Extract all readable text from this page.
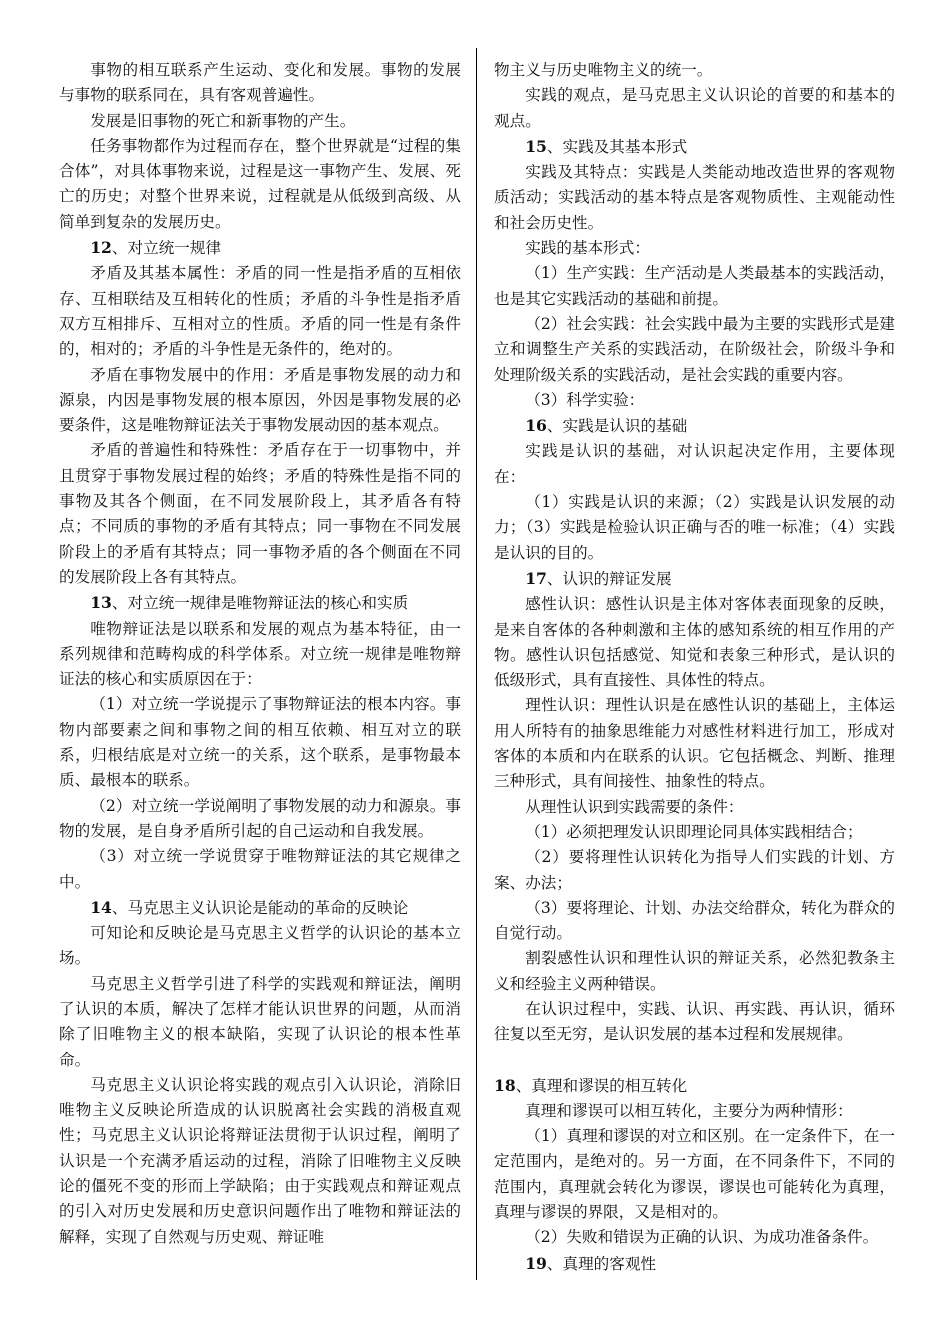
事物的相互联系产生运动、变化和发展。事物的发展与事物的联系同在，具有客观普遍性。

发展是旧事物的死亡和新事物的产生。

任务事物都作为过程而存在，整个世界就是“过程的集合体”，对具体事物来说，过程是这一事物产生、发展、死亡的历史；对整个世界来说，过程就是从低级到高级、从简单到复杂的发展历史。

12、对立统一规律

矛盾及其基本属性：矛盾的同一性是指矛盾的互相依存、互相联结及互相转化的性质；矛盾的斗争性是指矛盾双方互相排斥、互相对立的性质。矛盾的同一性是有条件的，相对的；矛盾的斗争性是无条件的，绝对的。

矛盾在事物发展中的作用：矛盾是事物发展的动力和源泉，内因是事物发展的根本原因，外因是事物发展的必要条件，这是唯物辩证法关于事物发展动因的基本观点。

矛盾的普遍性和特殊性：矛盾存在于一切事物中，并且贯穿于事物发展过程的始终；矛盾的特殊性是指不同的事物及其各个侧面，在不同发展阶段上，其矛盾各有特点；不同质的事物的矛盾有其特点；同一事物在不同发展阶段上的矛盾有其特点；同一事物矛盾的各个侧面在不同的发展阶段上各有其特点。

13、对立统一规律是唯物辩证法的核心和实质

唯物辩证法是以联系和发展的观点为基本特征，由一系列规律和范畴构成的科学体系。对立统一规律是唯物辩证法的核心和实质原因在于：

（1）对立统一学说提示了事物辩证法的根本内容。事物内部要素之间和事物之间的相互依赖、相互对立的联系，归根结底是对立统一的关系，这个联系，是事物最本质、最根本的联系。

（2）对立统一学说阐明了事物发展的动力和源泉。事物的发展，是自身矛盾所引起的自己运动和自我发展。

（3）对立统一学说贯穿于唯物辩证法的其它规律之中。

14、马克思主义认识论是能动的革命的反映论

可知论和反映论是马克思主义哲学的认识论的基本立场。

马克思主义哲学引进了科学的实践观和辩证法，阐明了认识的本质，解决了怎样才能认识世界的问题，从而消除了旧唯物主义的根本缺陷，实现了认识论的根本性革命。

马克思主义认识论将实践的观点引入认识论，消除旧唯物主义反映论所造成的认识脱离社会实践的消极直观性；马克思主义认识论将辩证法贯彻于认识过程，阐明了认识是一个充满矛盾运动的过程，消除了旧唯物主义反映论的僵死不变的形而上学缺陷；由于实践观点和辩证观点的引入对历史发展和历史意识问题作出了唯物和辩证法的解释，实现了自然观与历史观、辩证唯

物主义与历史唯物主义的统一。

实践的观点，是马克思主义认识论的首要的和基本的观点。

15、实践及其基本形式

实践及其特点：实践是人类能动地改造世界的客观物质活动；实践活动的基本特点是客观物质性、主观能动性和社会历史性。

实践的基本形式：

（1）生产实践：生产活动是人类最基本的实践活动，也是其它实践活动的基础和前提。

（2）社会实践：社会实践中最为主要的实践形式是建立和调整生产关系的实践活动，在阶级社会，阶级斗争和处理阶级关系的实践活动，是社会实践的重要内容。

（3）科学实验：

16、实践是认识的基础

实践是认识的基础，对认识起决定作用，主要体现在：

（1）实践是认识的来源；（2）实践是认识发展的动力；（3）实践是检验认识正确与否的唯一标准；（4）实践是认识的目的。

17、认识的辩证发展

感性认识：感性认识是主体对客体表面现象的反映，是来自客体的各种刺激和主体的感知系统的相互作用的产物。感性认识包括感觉、知觉和表象三种形式，是认识的低级形式，具有直接性、具体性的特点。

理性认识：理性认识是在感性认识的基础上，主体运用人所特有的抽象思维能力对感性材料进行加工，形成对客体的本质和内在联系的认识。它包括概念、判断、推理三种形式，具有间接性、抽象性的特点。

从理性认识到实践需要的条件：

（1）必须把理发认识即理论同具体实践相结合；

（2）要将理性认识转化为指导人们实践的计划、方案、办法；

（3）要将理论、计划、办法交给群众，转化为群众的自觉行动。

割裂感性认识和理性认识的辩证关系，必然犯教条主义和经验主义两种错误。

在认识过程中，实践、认识、再实践、再认识，循环往复以至无穷，是认识发展的基本过程和发展规律。

18、真理和谬误的相互转化

真理和谬误可以相互转化，主要分为两种情形：

（1）真理和谬误的对立和区别。在一定条件下，在一定范围内，是绝对的。另一方面，在不同条件下，不同的范围内，真理就会转化为谬误，谬误也可能转化为真理，真理与谬误的界限，又是相对的。

（2）失败和错误为正确的认识、为成功准备条件。

19、真理的客观性
